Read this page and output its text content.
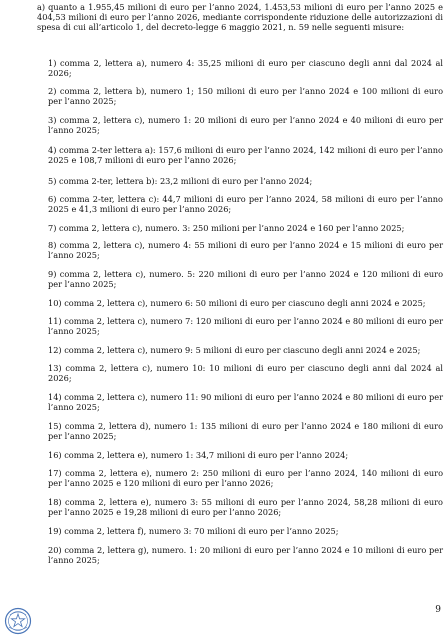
a) quanto a 1.955,45 milioni di euro per l’anno 2024, 1.453,53 milioni di euro per l’anno 2025 e 404,53 milioni di euro per l’anno 2026, mediante corrispondente riduzione delle autorizzazioni di spesa di cui all’articolo 1, del decreto-legge 6 maggio 2021, n. 59 nelle seguenti misure:

1) comma 2, lettera a), numero 4: 35,25 milioni di euro per ciascuno degli anni dal 2024 al 2026;

2) comma 2, lettera b), numero 1; 150 milioni di euro per l’anno 2024 e 100 milioni di euro per l’anno 2025;

3) comma 2, lettera c), numero 1: 20 milioni di euro per l’anno 2024 e 40 milioni di euro per l’anno 2025;

4) comma 2-ter lettera a): 157,6 milioni di euro per l’anno 2024, 142 milioni di euro per l’anno 2025 e 108,7 milioni di euro per l’anno 2026;

5) comma 2-ter, lettera b): 23,2 milioni di euro per l’anno 2024;

6) comma 2-ter, lettera c): 44,7 milioni di euro per l’anno 2024, 58 milioni di euro per l’anno 2025 e 41,3 milioni di euro per l’anno 2026;

7) comma 2, lettera c), numero. 3: 250 milioni per l’anno 2024 e 160 per l’anno 2025;

8) comma 2, lettera c), numero 4: 55 milioni di euro per l’anno 2024 e 15 milioni di euro per l’anno 2025;

9) comma 2, lettera c), numero. 5: 220 milioni di euro per l’anno 2024 e 120 milioni di euro per l’anno 2025;

10) comma 2, lettera c), numero 6: 50 milioni di euro per ciascuno degli anni 2024 e 2025;

11) comma 2, lettera c), numero 7: 120 milioni di euro per l’anno 2024 e 80 milioni di euro per l’anno 2025;

12) comma 2, lettera c), numero 9: 5 milioni di euro per ciascuno degli anni 2024 e 2025;

13) comma 2, lettera c), numero 10: 10 milioni di euro per ciascuno degli anni dal 2024 al 2026;

14) comma 2, lettera c), numero 11: 90 milioni di euro per l’anno 2024 e 80 milioni di euro per l’anno 2025;

15) comma 2, lettera d), numero 1: 135 milioni di euro per l’anno 2024 e 180 milioni di euro per l’anno 2025;

16) comma 2, lettera e), numero 1: 34,7 milioni di euro per l’anno 2024;

17) comma 2, lettera e), numero 2: 250 milioni di euro per l’anno 2024, 140 milioni di euro per l’anno 2025 e 120 milioni di euro per l’anno 2026;

18) comma 2, lettera e), numero 3: 55 milioni di euro per l’anno 2024, 58,28 milioni di euro per l’anno 2025 e 19,28 milioni di euro per l’anno 2026;

19) comma 2, lettera f), numero 3: 70 milioni di euro per l’anno 2025;

20) comma 2, lettera g), numero. 1: 20 milioni di euro per l’anno 2024 e 10 milioni di euro per l’anno 2025;

9
